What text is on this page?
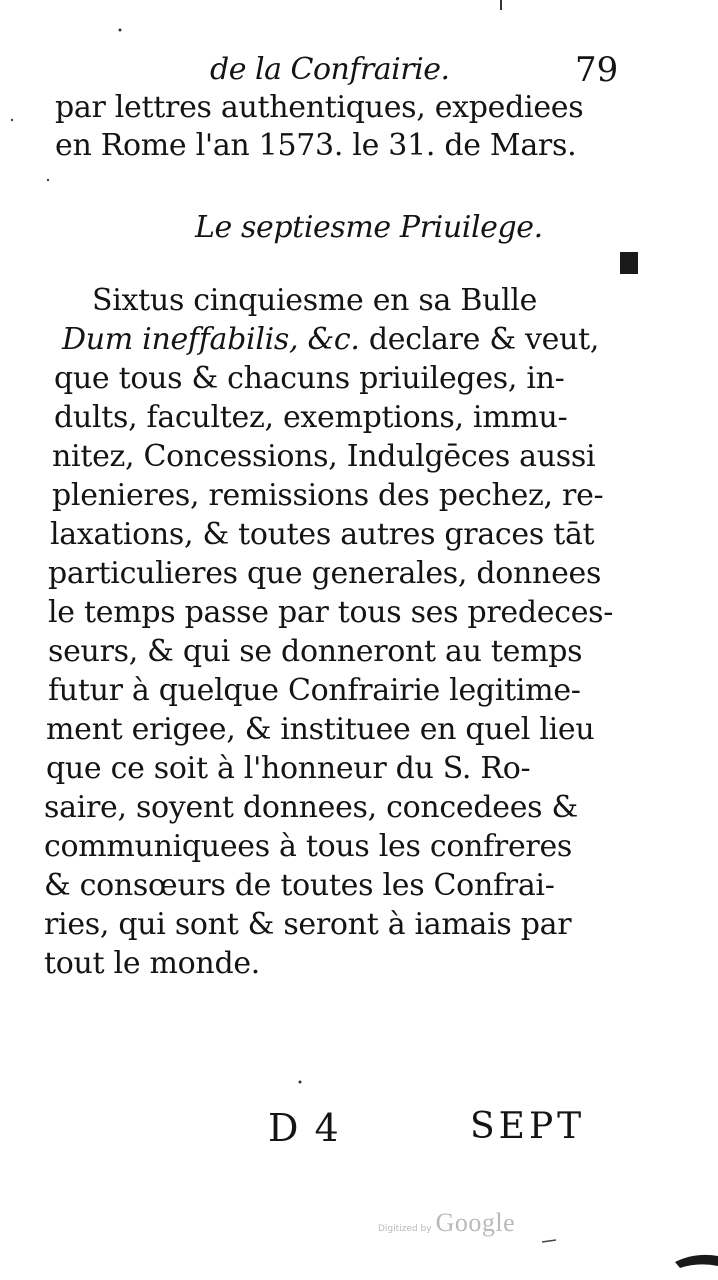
de la Confrairie.	79
par lettres authentiques, expediees
en Rome l'an 1573. le 31. de Mars.
Le septiesme Priuilege.
Sixtus cinquiesme en sa Bulle
Dum ineffabilis, &c. declare & veut,
que tous & chacuns priuileges, in-
dults, facultez, exemptions, immu-
nitez, Concessions, Indulgēces aussi
plenieres, remissions des pechez, re-
laxations, & toutes autres graces tāt
particulieres que generales, donnees
le temps passe par tous ses predeces-
seurs, & qui se donneront au temps
futur à quelque Confrairie legitime-
ment erigee, & instituee en quel lieu
que ce soit à l'honneur du S. Ro-
saire, soyent donnees, concedees &
communiquees à tous les confreres
& consœurs de toutes les Confrai-
ries, qui sont & seront à iamais par
tout le monde.
D 4	SEPT
Digitized by Google
